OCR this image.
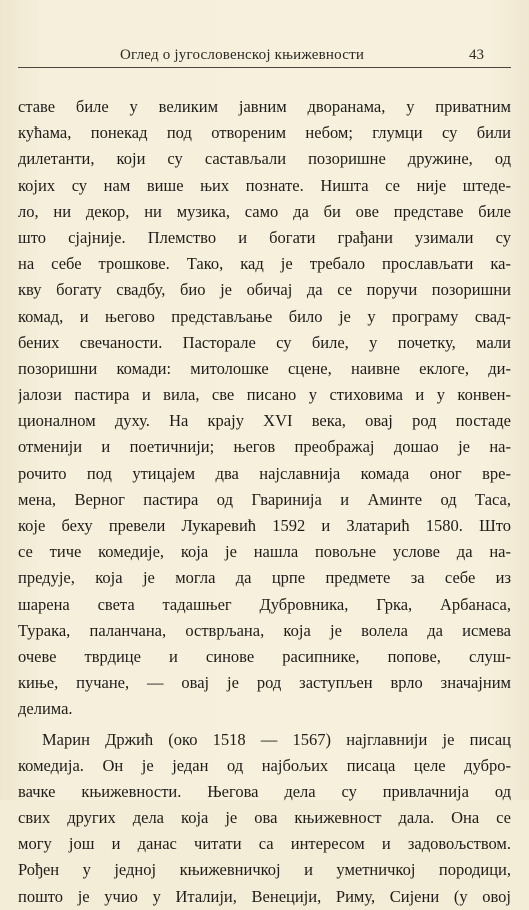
Оглед о југословенској књижевности	43
ставе биле у великим јавним дворанама, у приватним
кућама, понекад под отвореним небом; глумци су били
дилетанти, који су састављали позоришне дружине, од
којих су нам више њих познате. Ништа се није штеде-
ло, ни декор, ни музика, само да би ове представе биле
што сјајније. Племство и богати грађани узимали су
на себе трошкове. Тако, кад је требало прослављати ка-
кву богату свадбу, био је обичај да се поручи позоришни
комад, и његово представљање било је у програму свад-
бених свечаности. Пасторале су биле, у почетку, мали
позоришни комади: митолошке сцене, наивне еклоге, ди-
јалози пастира и вила, све писано у стиховима и у конвен-
ционалном духу. На крају XVI века, овај род постаде
отменији и поетичнији; његов преображај дошао је на-
рочито под утицајем два најславнија комада оног вре-
мена, Верног пастира од Гваринија и Аминте од Таса,
које беху превели Лукаревић 1592 и Златарић 1580. Што
се тиче комедије, која је нашла повољне услове да на-
предује, која је могла да црпе предмете за себе из
шарена света тадашњег Дубровника, Грка, Арбанаса,
Турака, паланчана, остврљана, која је волела да исмева
очеве тврдице и синове расипнике, попове, слуш-
киње, пучане, — овај је род заступљен врло значајним
делима.
Марин Држић (око 1518 — 1567) најглавнији је писац
комедија. Он је један од најбољих писаца целе дубро-
вачке књижевности. Његова дела су привлачнија од
свих других дела која је ова књижевност дала. Она се
могу још и данас читати са интересом и задовољством.
Рођен у једној књижевничкој и уметничкој породици,
пошто је учио у Италији, Венецији, Риму, Сијени (у овој
